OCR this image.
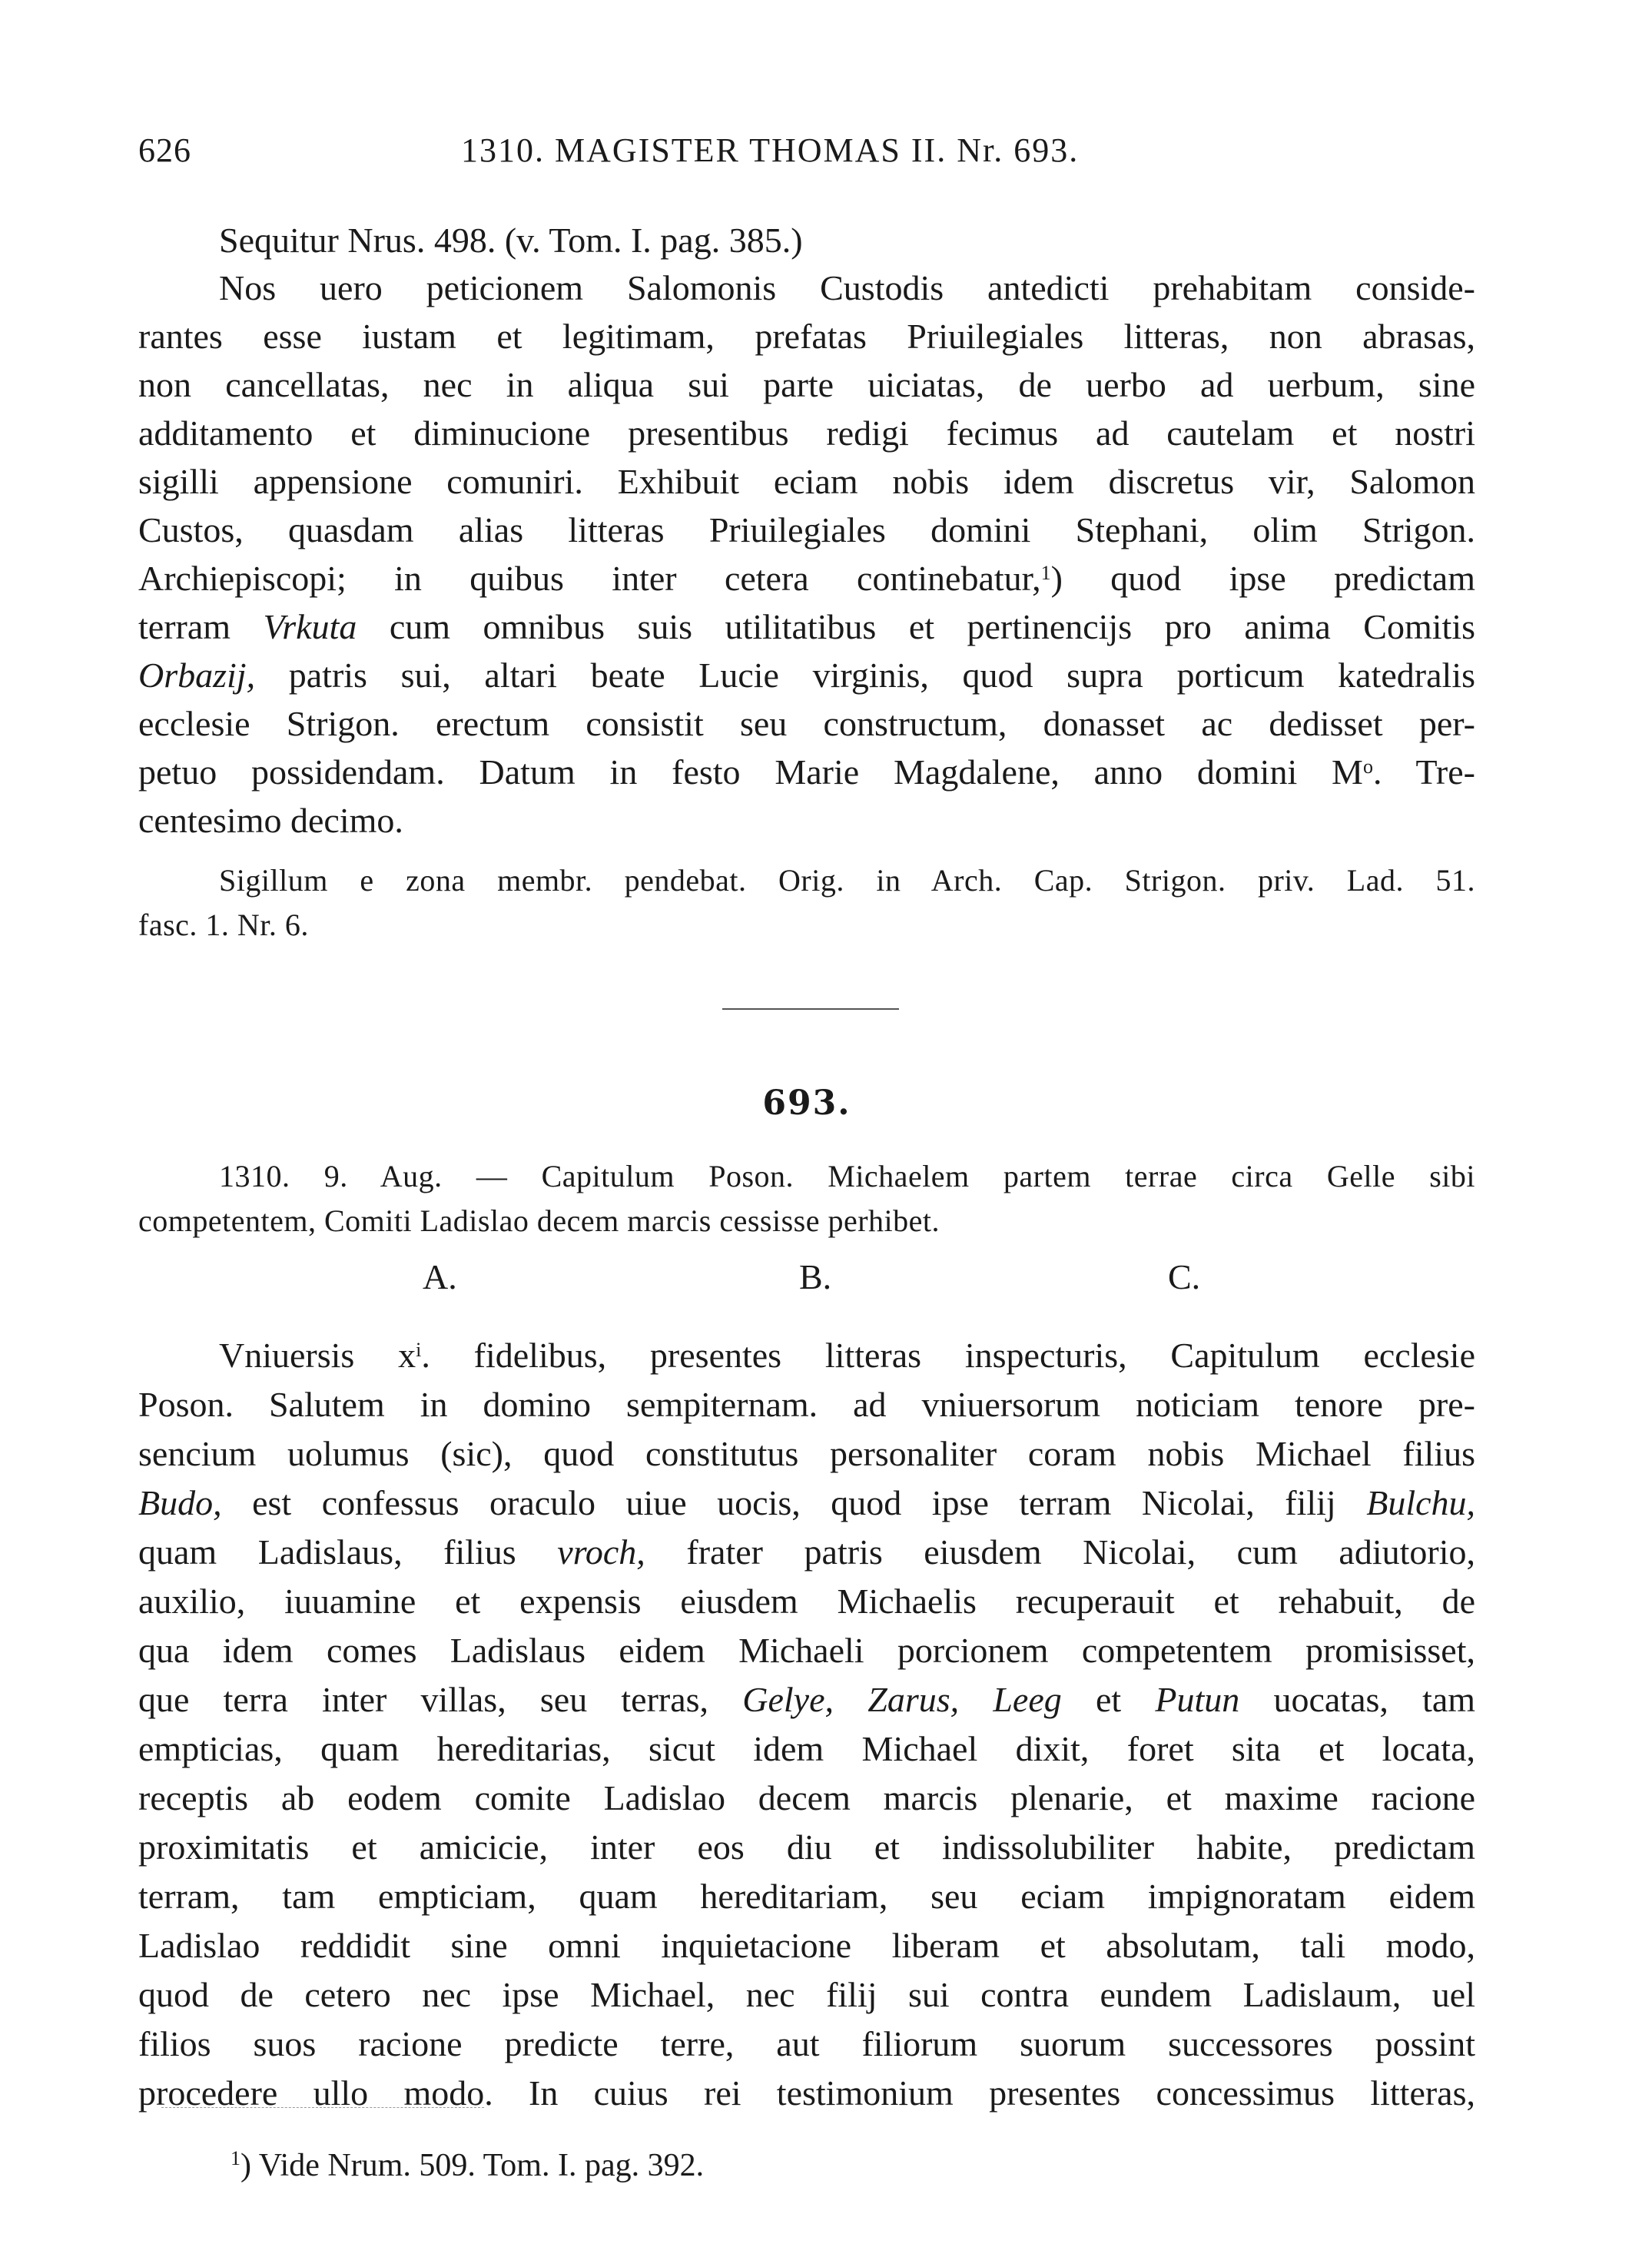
626	1310. MAGISTER THOMAS II. Nr. 693.
Sequitur Nrus. 498. (v. Tom. I. pag. 385.)
Nos uero peticionem Salomonis Custodis antedicti prehabitam conside-
rantes esse iustam et legitimam, prefatas Priuilegiales litteras, non abrasas,
non cancellatas, nec in aliqua sui parte uiciatas, de uerbo ad uerbum, sine
additamento et diminucione presentibus redigi fecimus ad cautelam et nostri
sigilli appensione comuniri. Exhibuit eciam nobis idem discretus vir, Salomon
Custos, quasdam alias litteras Priuilegiales domini Stephani, olim Strigon.
Archiepiscopi; in quibus inter cetera continebatur,$^1$) quod ipse predictam
terram Vrkuta cum omnibus suis utilitatibus et pertinencijs pro anima Comitis
Orbazij, patris sui, altari beate Lucie virginis, quod supra porticum katedralis
ecclesie Strigon. erectum consistit seu constructum, donasset ac dedisset per-
petuo possidendam. Datum in festo Marie Magdalene, anno domini $M^o$. Tre-
centesimo decimo.
Sigillum e zona membr. pendebat. Orig. in Arch. Cap. Strigon. priv. Lad. 51.
fasc. 1. Nr. 6.
693.
1310. 9. Aug. — Capitulum Poson. Michaelem partem terrae circa Gelle sibi
competentem, Comiti Ladislao decem marcis cessisse perhibet.
A.	B.	C.
Vniuersis $x^i$. fidelibus, presentes litteras inspecturis, Capitulum ecclesie
Poson. Salutem in domino sempiternam. ad vniuersorum noticiam tenore pre-
sencium uolumus (sic), quod constitutus personaliter coram nobis Michael filius
Budo, est confessus oraculo uiue uocis, quod ipse terram Nicolai, filij Bulchu,
quam Ladislaus, filius vroch, frater patris eiusdem Nicolai, cum adiutorio,
auxilio, iuuamine et expensis eiusdem Michaelis recuperauit et rehabuit, de
qua idem comes Ladislaus eidem Michaeli porcionem competentem promisisset,
que terra inter villas, seu terras, Gelye, Zarus, Leeg et Putun uocatas, tam
empticias, quam hereditarias, sicut idem Michael dixit, foret sita et locata,
receptis ab eodem comite Ladislao decem marcis plenarie, et maxime racione
proximitatis et amicicie, inter eos diu et indissolubiliter habite, predictam
terram, tam empticiam, quam hereditariam, seu eciam impignoratam eidem
Ladislao reddidit sine omni inquietacione liberam et absolutam, tali modo,
quod de cetero nec ipse Michael, nec filij sui contra eundem Ladislaum, uel
filios suos racione predicte terre, aut filiorum suorum successores possint
procedere ullo modo. In cuius rei testimonium presentes concessimus litteras,
$^1$) Vide Nrum. 509. Tom. I. pag. 392.
